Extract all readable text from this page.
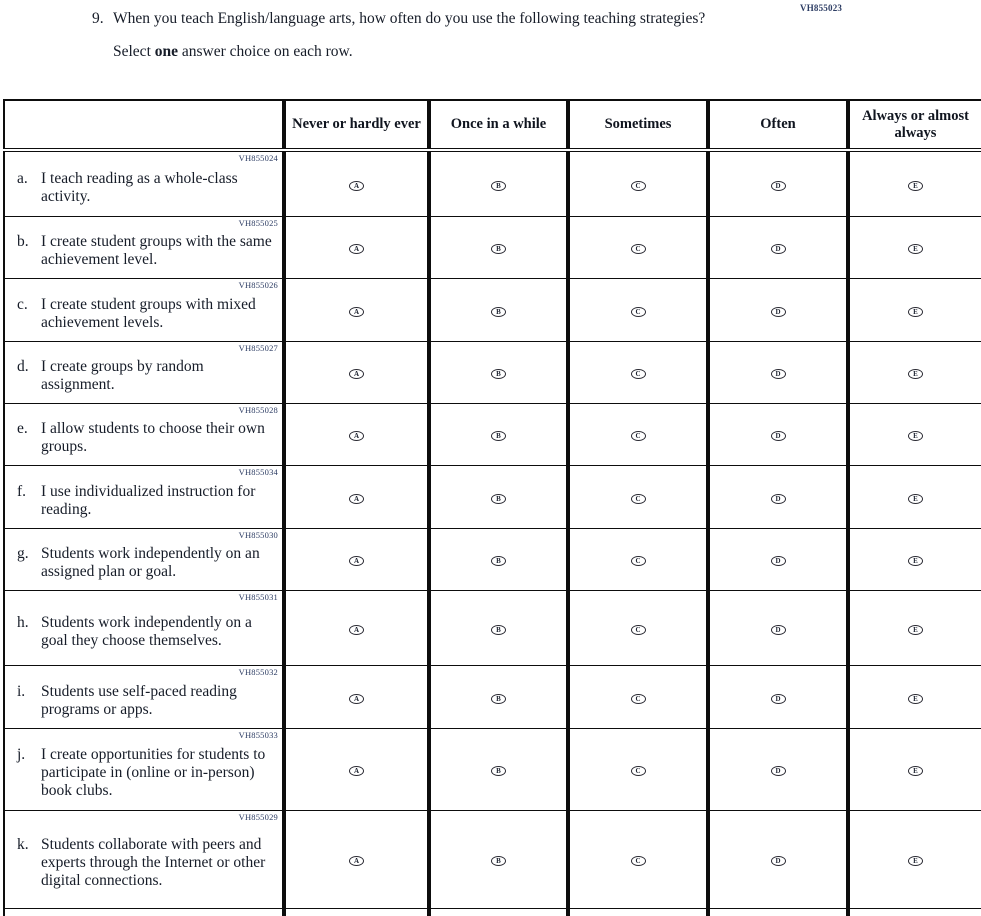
VH855023
9. When you teach English/language arts, how often do you use the following teaching strategies?
Select one answer choice on each row.
	Never or hardly ever	Once in a while	Sometimes	Often	Always or almost always

VH855024
a. I teach reading as a whole-class activity.	A	B	C	D	E

VH855025
b. I create student groups with the same achievement level.	A	B	C	D	E

VH855026
c. I create student groups with mixed achievement levels.	A	B	C	D	E

VH855027
d. I create groups by random assignment.	A	B	C	D	E

VH855028
e. I allow students to choose their own groups.	A	B	C	D	E

VH855034
f. I use individualized instruction for reading.	A	B	C	D	E

VH855030
g. Students work independently on an assigned plan or goal.	A	B	C	D	E

VH855031
h. Students work independently on a goal they choose themselves.	A	B	C	D	E

VH855032
i. Students use self-paced reading programs or apps.	A	B	C	D	E

VH855033
j. I create opportunities for students to participate in (online or in-person) book clubs.	A	B	C	D	E

VH855029
k. Students collaborate with peers and experts through the Internet or other digital connections.	A	B	C	D	E
